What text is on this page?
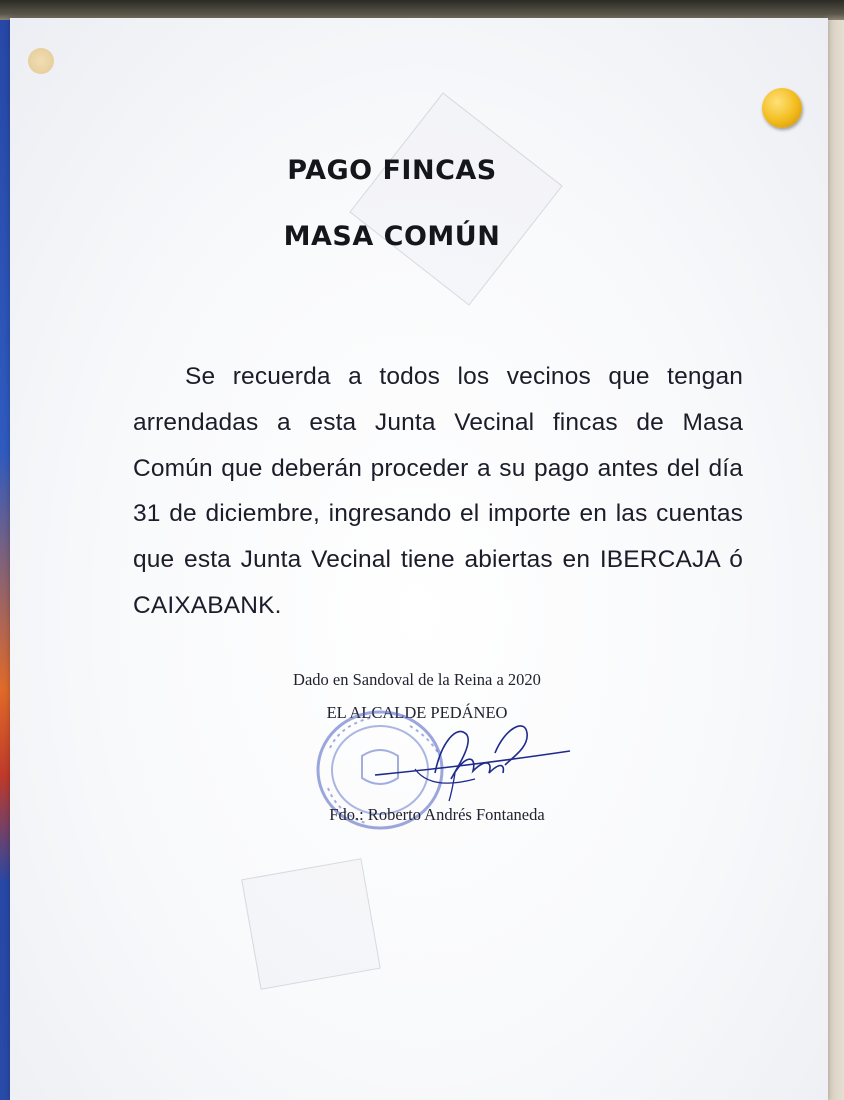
PAGO FINCAS
MASA COMÚN

Se recuerda a todos los vecinos que tengan arrendadas a esta Junta Vecinal fincas de Masa Común que deberán proceder a su pago antes del día 31 de diciembre, ingresando el importe en las cuentas que esta Junta Vecinal tiene abiertas en IBERCAJA ó CAIXABANK.

Dado en Sandoval de la Reina a 2020

EL ALCALDE PEDÁNEO

Fdo.: Roberto Andrés Fontaneda
